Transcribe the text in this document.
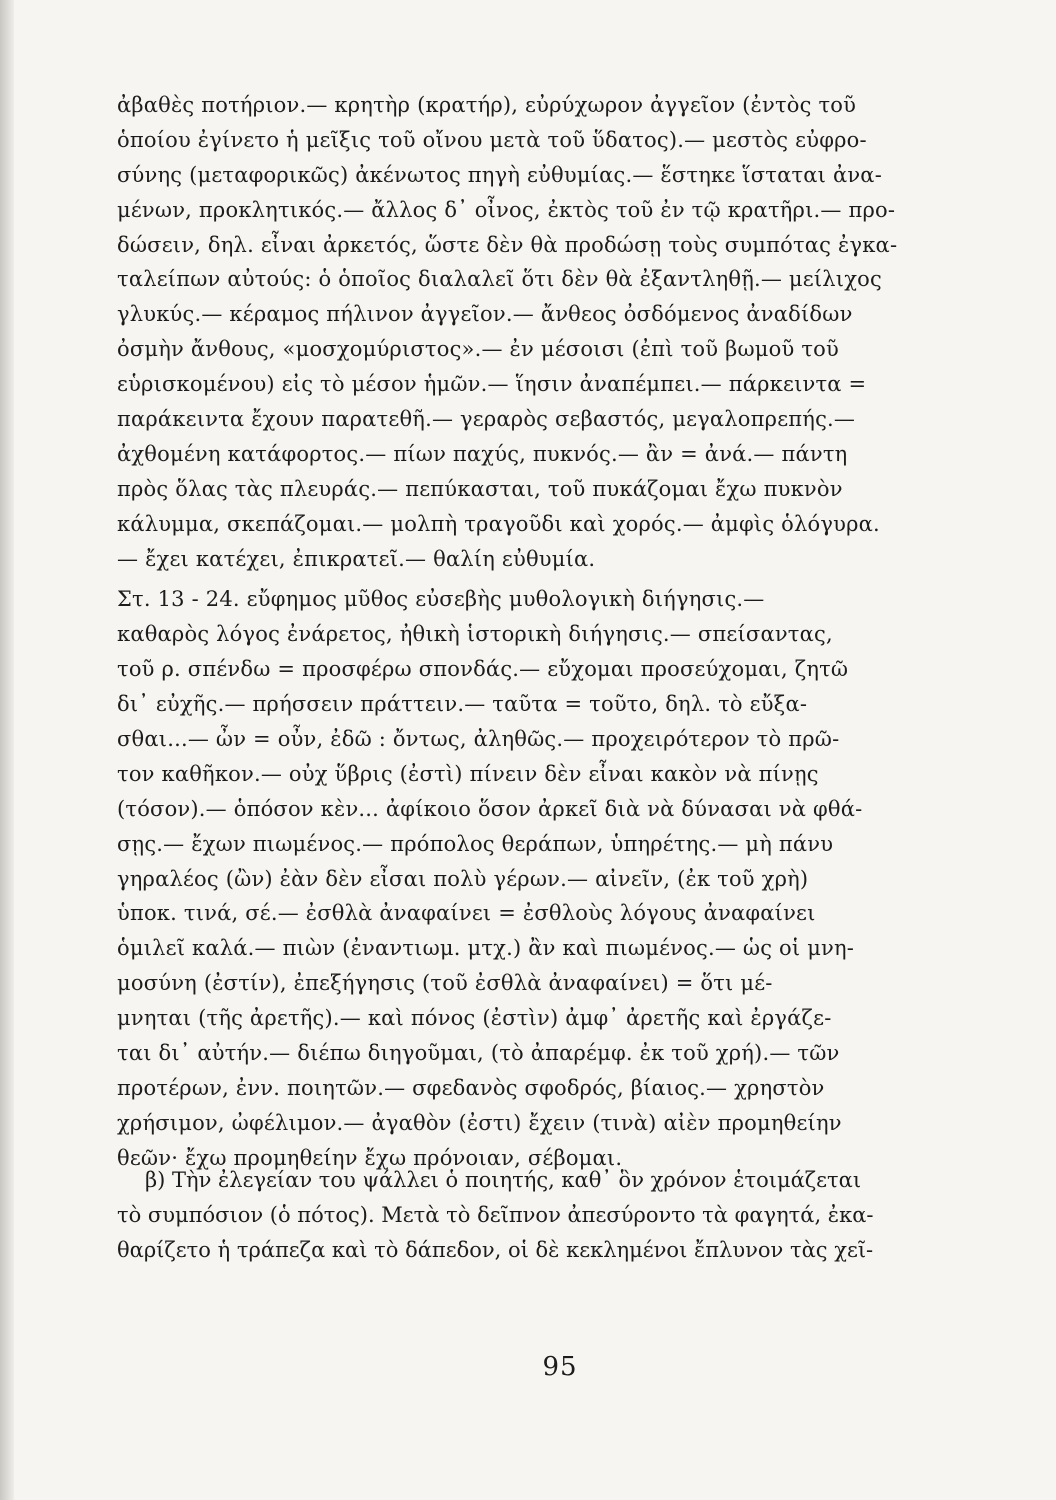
ἀβαθὲς ποτήριον.— κρητὴρ (κρατήρ), εὐρύχωρον ἀγγεῖον (ἐντὸς τοῦ
ὁποίου ἐγίνετο ἡ μεῖξις τοῦ οἴνου μετὰ τοῦ ὕδατος).— μεστὸς εὐφρο-
σύνης (μεταφορικῶς) ἀκένωτος πηγὴ εὐθυμίας.— ἕστηκε ἵσταται ἀνα-
μένων, προκλητικός.— ἄλλος δ᾽ οἶνος, ἐκτὸς τοῦ ἐν τῷ κρατῆρι.— προ-
δώσειν, δηλ. εἶναι ἀρκετός, ὥστε δὲν θὰ προδώσῃ τοὺς συμπότας ἐγκα-
ταλείπων αὐτούς: ὁ ὁποῖος διαλαλεῖ ὅτι δὲν θὰ ἐξαντληθῇ.— μείλιχος
γλυκύς.— κέραμος πήλινον ἀγγεῖον.— ἄνθεος ὀσδόμενος ἀναδίδων
ὀσμὴν ἄνθους, «μοσχομύριστος».— ἐν μέσοισι (ἐπὶ τοῦ βωμοῦ τοῦ
εὑρισκομένου) εἰς τὸ μέσον ἡμῶν.— ἵησιν ἀναπέμπει.— πάρκειντα =
παράκειντα ἔχουν παρατεθῆ.— γεραρὸς σεβαστός, μεγαλοπρεπής.—
ἀχθομένη κατάφορτος.— πίων παχύς, πυκνός.— ἂν = ἀνά.— πάντη
πρὸς ὅλας τὰς πλευράς.— πεπύκασται, τοῦ πυκάζομαι ἔχω πυκνὸν
κάλυμμα, σκεπάζομαι.— μολπὴ τραγοῦδι καὶ χορός.— ἀμφὶς ὁλόγυρα.
— ἔχει κατέχει, ἐπικρατεῖ.— θαλίη εὐθυμία.
Στ. 13 - 24. εὔφημος μῦθος εὐσεβὴς μυθολογικὴ διήγησις.—
καθαρὸς λόγος ἐνάρετος, ἠθικὴ ἱστορικὴ διήγησις.— σπείσαντας,
τοῦ ρ. σπένδω = προσφέρω σπονδάς.— εὔχομαι προσεύχομαι, ζητῶ
δι᾽ εὐχῆς.— πρήσσειν πράττειν.— ταῦτα = τοῦτο, δηλ. τὸ εὔξα-
σθαι...— ὦν = οὖν, ἐδῶ : ὄντως, ἀληθῶς.— προχειρότερον τὸ πρῶ-
τον καθῆκον.— οὐχ ὕβρις (ἐστὶ) πίνειν δὲν εἶναι κακὸν νὰ πίνῃς
(τόσον).— ὁπόσον κὲν... ἀφίκοιο ὅσον ἀρκεῖ διὰ νὰ δύνασαι νὰ φθά-
σῃς.— ἔχων πιωμένος.— πρόπολος θεράπων, ὑπηρέτης.— μὴ πάνυ
γηραλέος (ὢν) ἐὰν δὲν εἶσαι πολὺ γέρων.— αἰνεῖν, (ἐκ τοῦ χρὴ)
ὑποκ. τινά, σέ.— ἐσθλὰ ἀναφαίνει = ἐσθλοὺς λόγους ἀναφαίνει
ὁμιλεῖ καλά.— πιὼν (ἐναντιωμ. μτχ.) ἂν καὶ πιωμένος.— ὡς οἱ μνη-
μοσύνη (ἐστίν), ἐπεξήγησις (τοῦ ἐσθλὰ ἀναφαίνει) = ὅτι μέ-
μνηται (τῆς ἀρετῆς).— καὶ πόνος (ἐστὶν) ἀμφ᾽ ἀρετῆς καὶ ἐργάζε-
ται δι᾽ αὐτήν.— διέπω διηγοῦμαι, (τὸ ἀπαρέμφ. ἐκ τοῦ χρή).— τῶν
προτέρων, ἐνν. ποιητῶν.— σφεδανὸς σφοδρός, βίαιος.— χρηστὸν
χρήσιμον, ὠφέλιμον.— ἀγαθὸν (ἐστι) ἔχειν (τινὰ) αἰὲν προμηθείην
θεῶν· ἔχω προμηθείην ἔχω πρόνοιαν, σέβομαι.
β) Τὴν ἐλεγείαν του ψάλλει ὁ ποιητής, καθ᾽ ὃν χρόνον ἑτοιμάζεται
τὸ συμπόσιον (ὁ πότος). Μετὰ τὸ δεῖπνον ἀπεσύροντο τὰ φαγητά, ἐκα-
θαρίζετο ἡ τράπεζα καὶ τὸ δάπεδον, οἱ δὲ κεκλημένοι ἔπλυνον τὰς χεῖ-
95
